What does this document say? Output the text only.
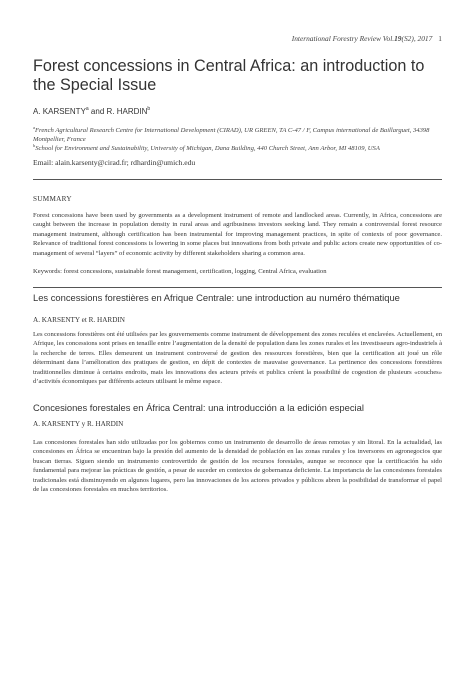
International Forestry Review Vol.19(S2), 2017 1
Forest concessions in Central Africa: an introduction to the Special Issue
A. KARSENTY$^a$ and R. HARDIN$^b$
$^a$French Agricultural Research Centre for International Development (CIRAD), UR GREEN, TA C-47 / F, Campus international de Baillarguet, 34398 Montpellier, France
$^b$School for Environment and Sustainability, University of Michigan, Dana Building, 440 Church Street, Ann Arbor, MI 48109, USA
Email: alain.karsenty@cirad.fr; rdhardin@umich.edu
SUMMARY

Forest concessions have been used by governments as a development instrument of remote and landlocked areas. Currently, in Africa, concessions are caught between the increase in population density in rural areas and agribusiness investors seeking land. They remain a controversial forest resource management instrument, although certification has been instrumental for improving management practices, in spite of contexts of poor governance. Relevance of traditional forest concessions is lowering in some places but innovations from both private and public actors create new opportunities of co-management of several “layers” of economic activity by different stakeholders sharing a common area.

Keywords: forest concessions, sustainable forest management, certification, logging, Central Africa, evaluation

Les concessions forestières en Afrique Centrale: une introduction au numéro thématique
A. KARSENTY et R. HARDIN

Les concessions forestières ont été utilisées par les gouvernements comme instrument de développement des zones reculées et enclavées. Actuellement, en Afrique, les concessions sont prises en tenaille entre l’augmentation de la densité de population dans les zones rurales et les investisseurs agro-industriels à la recherche de terres. Elles demeurent un instrument controversé de gestion des ressources forestières, bien que la certification ait joué un rôle déterminant dans l’amélioration des pratiques de gestion, en dépit de contextes de mauvaise gouvernance. La pertinence des concessions forestières traditionnelles diminue à certains endroits, mais les innovations des acteurs privés et publics créent la possibilité de cogestion de plusieurs «couches» d’activités économiques par différents acteurs utilisant le même espace.

Concesiones forestales en África Central: una introducción a la edición especial
A. KARSENTY y R. HARDIN

Las concesiones forestales han sido utilizadas por los gobiernos como un instrumento de desarrollo de áreas remotas y sin litoral. En la actualidad, las concesiones en África se encuentran bajo la presión del aumento de la densidad de población en las zonas rurales y los inversores en agronegocios que buscan tierras. Siguen siendo un instrumento controvertido de gestión de los recursos forestales, aunque se reconoce que la certificación ha sido fundamental para mejorar las prácticas de gestión, a pesar de suceder en contextos de gobernanza deficiente. La importancia de las concesiones forestales tradicionales está disminuyendo en algunos lugares, pero las innovaciones de los actores privados y públicos abren la posibilidad de transformar el papel de las concesiones forestales en muchos territorios.
